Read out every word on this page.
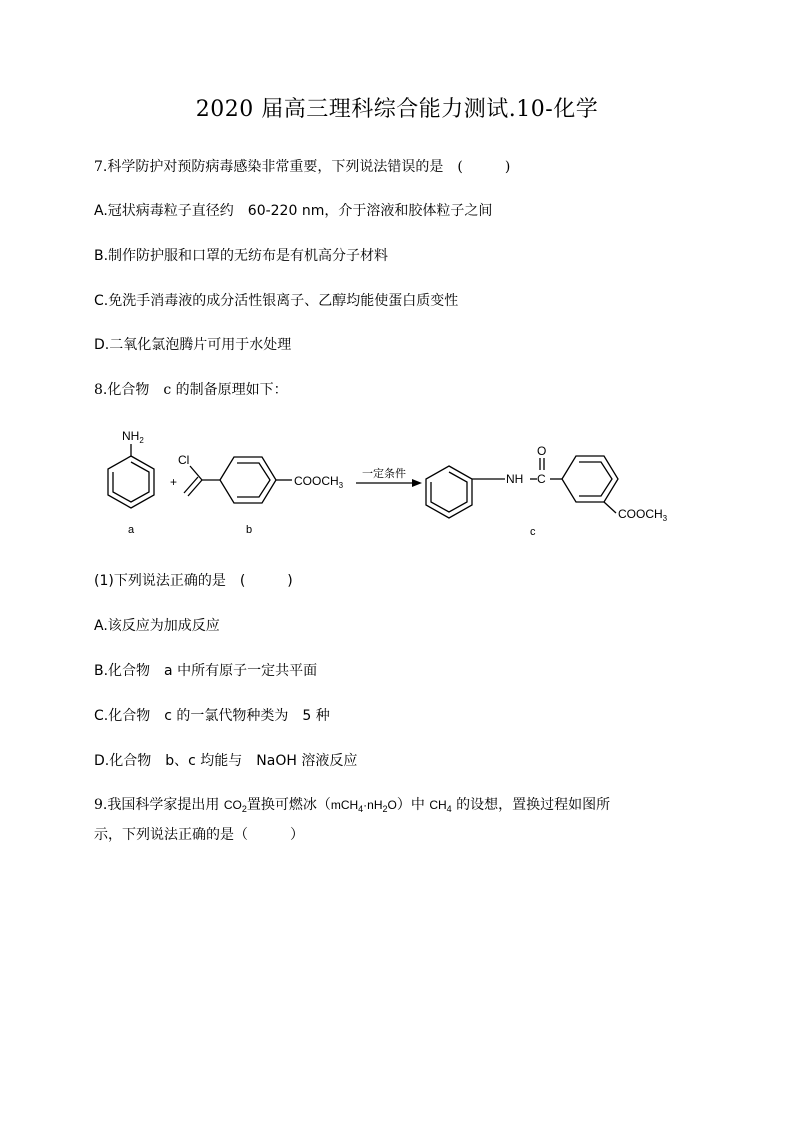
2020 届高三理科综合能力测试.10-化学
7.科学防护对预防病毒感染非常重要，下列说法错误的是　(　　　)
A.冠状病毒粒子直径约　60-220 nm，介于溶液和胶体粒子之间
B.制作防护服和口罩的无纺布是有机高分子材料
C.免洗手消毒液的成分活性银离子、乙醇均能使蛋白质变性
D.二氧化氯泡腾片可用于水处理
8.化合物　c 的制备原理如下：
$NH_2$
Cl
+	$COOCH_3$
一定条件	NH C
O
$COOCH_3$
a	b	c
(1)下列说法正确的是　(　　　)
A.该反应为加成反应
B.化合物　a 中所有原子一定共平面
C.化合物　c 的一氯代物种类为　5 种
D.化合物　b、c 均能与　NaOH 溶液反应
9.我国科学家提出用 $CO_2$置换可燃冰$(mCH_4\cdot nH_2O)$中 $CH_4$ 的设想，置换过程如图所
示，下列说法正确的是（　　　）
